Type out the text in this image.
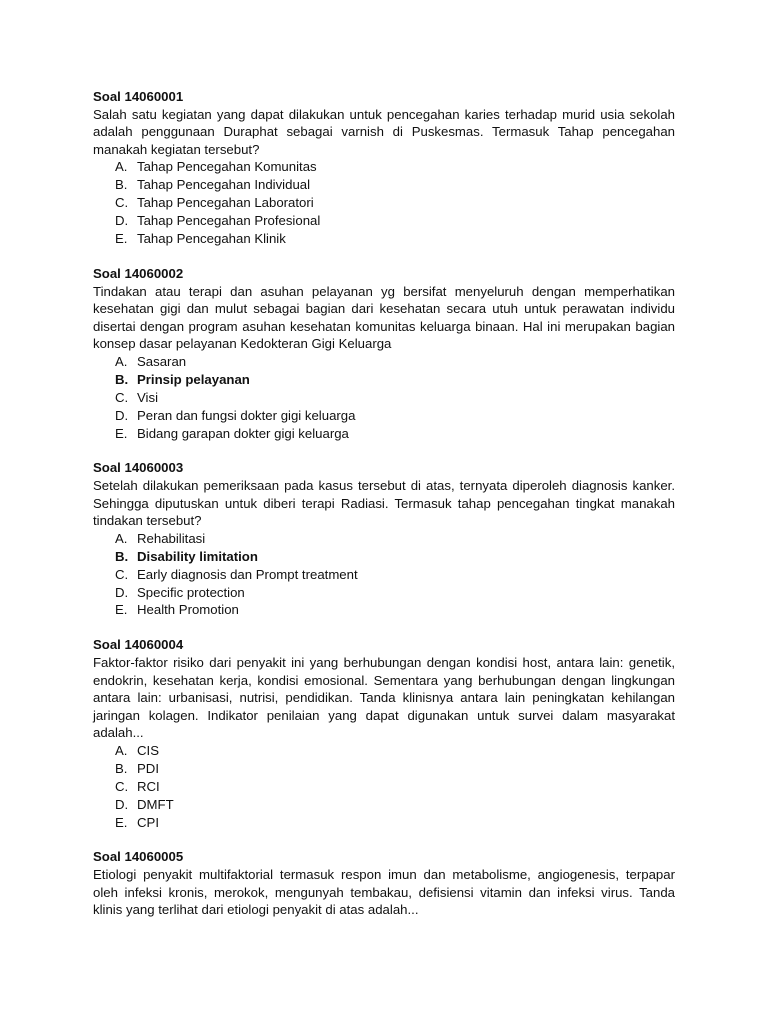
Soal 14060001
Salah satu kegiatan yang dapat dilakukan untuk pencegahan karies terhadap murid usia sekolah adalah penggunaan Duraphat sebagai varnish di Puskesmas. Termasuk Tahap pencegahan manakah kegiatan tersebut?
A. Tahap Pencegahan Komunitas
B. Tahap Pencegahan Individual
C. Tahap Pencegahan Laboratori
D. Tahap Pencegahan Profesional
E. Tahap Pencegahan Klinik
Soal 14060002
Tindakan atau terapi dan asuhan pelayanan yg bersifat menyeluruh dengan memperhatikan kesehatan gigi dan mulut sebagai bagian dari kesehatan secara utuh untuk perawatan individu disertai dengan program asuhan kesehatan komunitas keluarga binaan. Hal ini merupakan bagian konsep dasar pelayanan Kedokteran Gigi Keluarga
A. Sasaran
B. Prinsip pelayanan
C. Visi
D. Peran dan fungsi dokter gigi keluarga
E. Bidang garapan dokter gigi keluarga
Soal 14060003
Setelah dilakukan pemeriksaan pada kasus tersebut di atas, ternyata diperoleh diagnosis kanker. Sehingga diputuskan untuk diberi terapi Radiasi. Termasuk tahap pencegahan tingkat manakah tindakan tersebut?
A. Rehabilitasi
B. Disability limitation
C. Early diagnosis dan Prompt treatment
D. Specific protection
E. Health Promotion
Soal 14060004
Faktor-faktor risiko dari penyakit ini yang berhubungan dengan kondisi host, antara lain: genetik, endokrin, kesehatan kerja, kondisi emosional. Sementara yang berhubungan dengan lingkungan antara lain: urbanisasi, nutrisi, pendidikan. Tanda klinisnya antara lain peningkatan kehilangan jaringan kolagen. Indikator penilaian yang dapat digunakan untuk survei dalam masyarakat adalah...
A. CIS
B. PDI
C. RCI
D. DMFT
E. CPI
Soal 14060005
Etiologi penyakit multifaktorial termasuk respon imun dan metabolisme, angiogenesis, terpapar oleh infeksi kronis, merokok, mengunyah tembakau, defisiensi vitamin dan infeksi virus. Tanda klinis yang terlihat dari etiologi penyakit di atas adalah...
